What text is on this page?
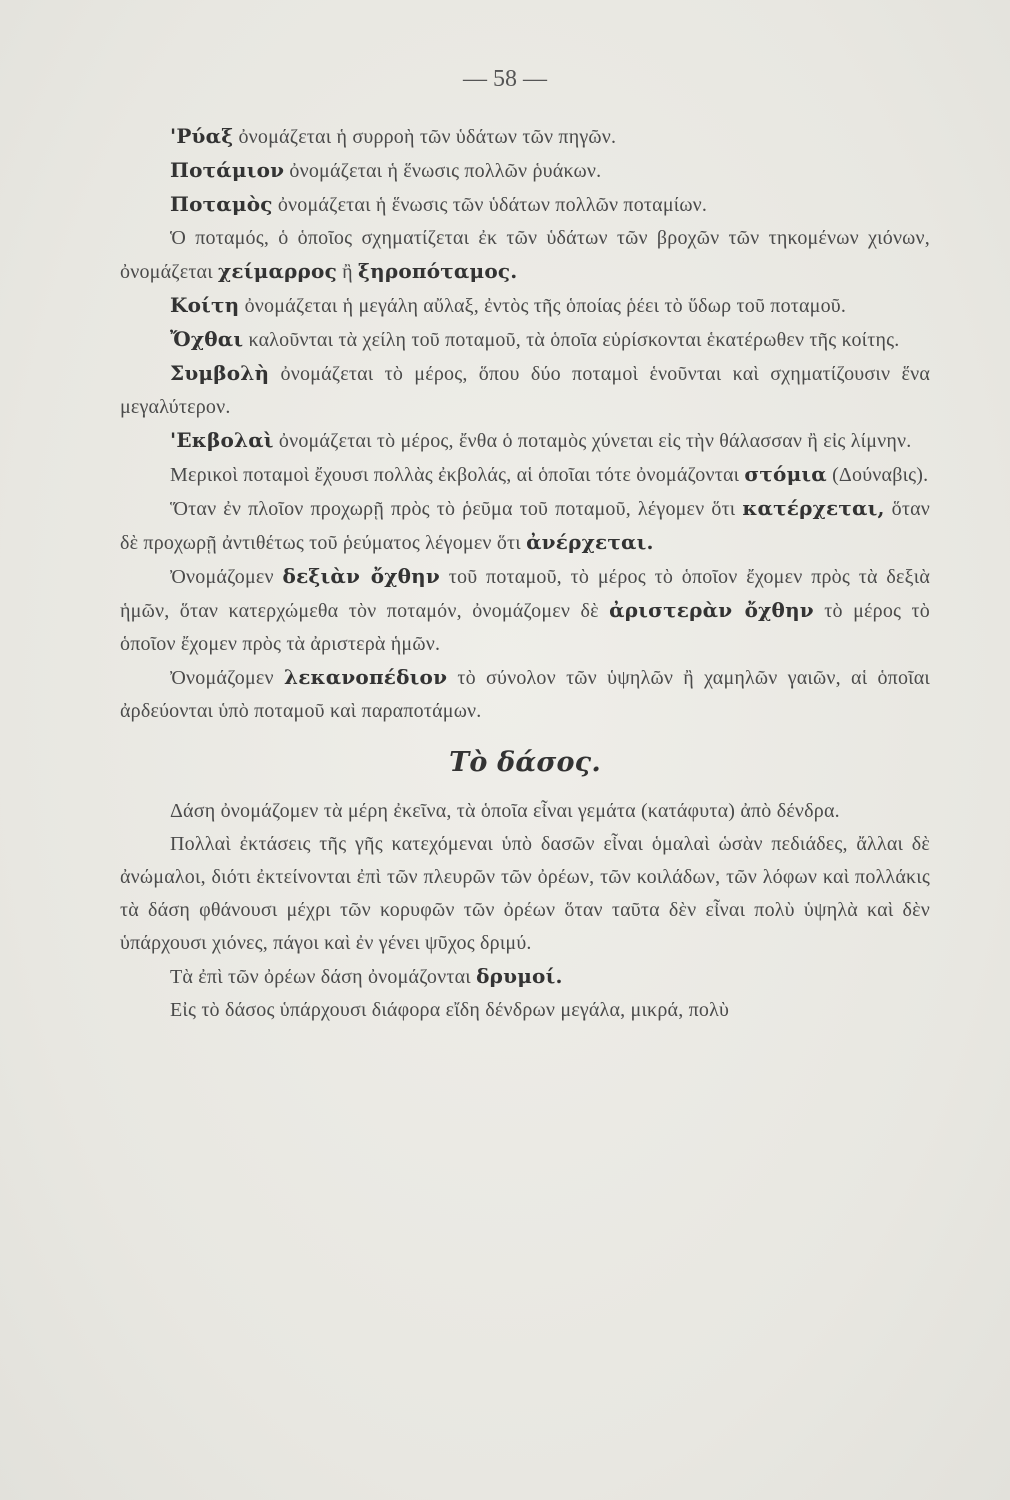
— 58 —

'Ρύαξ ὀνομάζεται ἡ συρροὴ τῶν ὑδάτων τῶν πηγῶν.

Ποτάμιον ὀνομάζεται ἡ ἕνωσις πολλῶν ῥυάκων.

Ποταμὸς ὀνομάζεται ἡ ἕνωσις τῶν ὑδάτων πολλῶν ποταμίων.

Ὁ ποταμός, ὁ ὁποῖος σχηματίζεται ἐκ τῶν ὑδάτων τῶν βροχῶν τῶν τηκομένων χιόνων, ὀνομάζεται χείμαρρος ἢ ξηροπόταμος.

Κοίτη ὀνομάζεται ἡ μεγάλη αὔλαξ, ἐντὸς τῆς ὁποίας ῥέει τὸ ὕδωρ τοῦ ποταμοῦ.

Ὄχθαι καλοῦνται τὰ χείλη τοῦ ποταμοῦ, τὰ ὁποῖα εὑρίσκονται ἑκατέρωθεν τῆς κοίτης.

Συμβολὴ ὀνομάζεται τὸ μέρος, ὅπου δύο ποταμοὶ ἑνοῦνται καὶ σχηματίζουσιν ἕνα μεγαλύτερον.

'Εκβολαὶ ὀνομάζεται τὸ μέρος, ἔνθα ὁ ποταμὸς χύνεται εἰς τὴν θάλασσαν ἢ εἰς λίμνην.

Μερικοὶ ποταμοὶ ἔχουσι πολλὰς ἐκβολάς, αἱ ὁποῖαι τότε ὀνομάζονται στόμια (Δούναβις).

Ὅταν ἐν πλοῖον προχωρῇ πρὸς τὸ ῥεῦμα τοῦ ποταμοῦ, λέγομεν ὅτι κατέρχεται, ὅταν δὲ προχωρῇ ἀντιθέτως τοῦ ῥεύματος λέγομεν ὅτι ἀνέρχεται.

Ὀνομάζομεν δεξιὰν ὄχθην τοῦ ποταμοῦ, τὸ μέρος τὸ ὁποῖον ἔχομεν πρὸς τὰ δεξιὰ ἡμῶν, ὅταν κατερχώμεθα τὸν ποταμόν, ὀνομάζομεν δὲ ἀριστερὰν ὄχθην τὸ μέρος τὸ ὁποῖον ἔχομεν πρὸς τὰ ἀριστερὰ ἡμῶν.

Ὀνομάζομεν λεκανοπέδιον τὸ σύνολον τῶν ὑψηλῶν ἢ χαμηλῶν γαιῶν, αἱ ὁποῖαι ἀρδεύονται ὑπὸ ποταμοῦ καὶ παραποτάμων.

Τὸ δάσος.

Δάση ὀνομάζομεν τὰ μέρη ἐκεῖνα, τὰ ὁποῖα εἶναι γεμάτα (κατάφυτα) ἀπὸ δένδρα.

Πολλαὶ ἐκτάσεις τῆς γῆς κατεχόμεναι ὑπὸ δασῶν εἶναι ὁμαλαὶ ὡσὰν πεδιάδες, ἄλλαι δὲ ἀνώμαλοι, διότι ἐκτείνονται ἐπὶ τῶν πλευρῶν τῶν ὀρέων, τῶν κοιλάδων, τῶν λόφων καὶ πολλάκις τὰ δάση φθάνουσι μέχρι τῶν κορυφῶν τῶν ὀρέων ὅταν ταῦτα δὲν εἶναι πολὺ ὑψηλὰ καὶ δὲν ὑπάρχουσι χιόνες, πάγοι καὶ ἐν γένει ψῦχος δριμύ.

Τὰ ἐπὶ τῶν ὀρέων δάση ὀνομάζονται δρυμοί.

Εἰς τὸ δάσος ὑπάρχουσι διάφορα εἴδη δένδρων μεγάλα, μικρά, πολὺ
